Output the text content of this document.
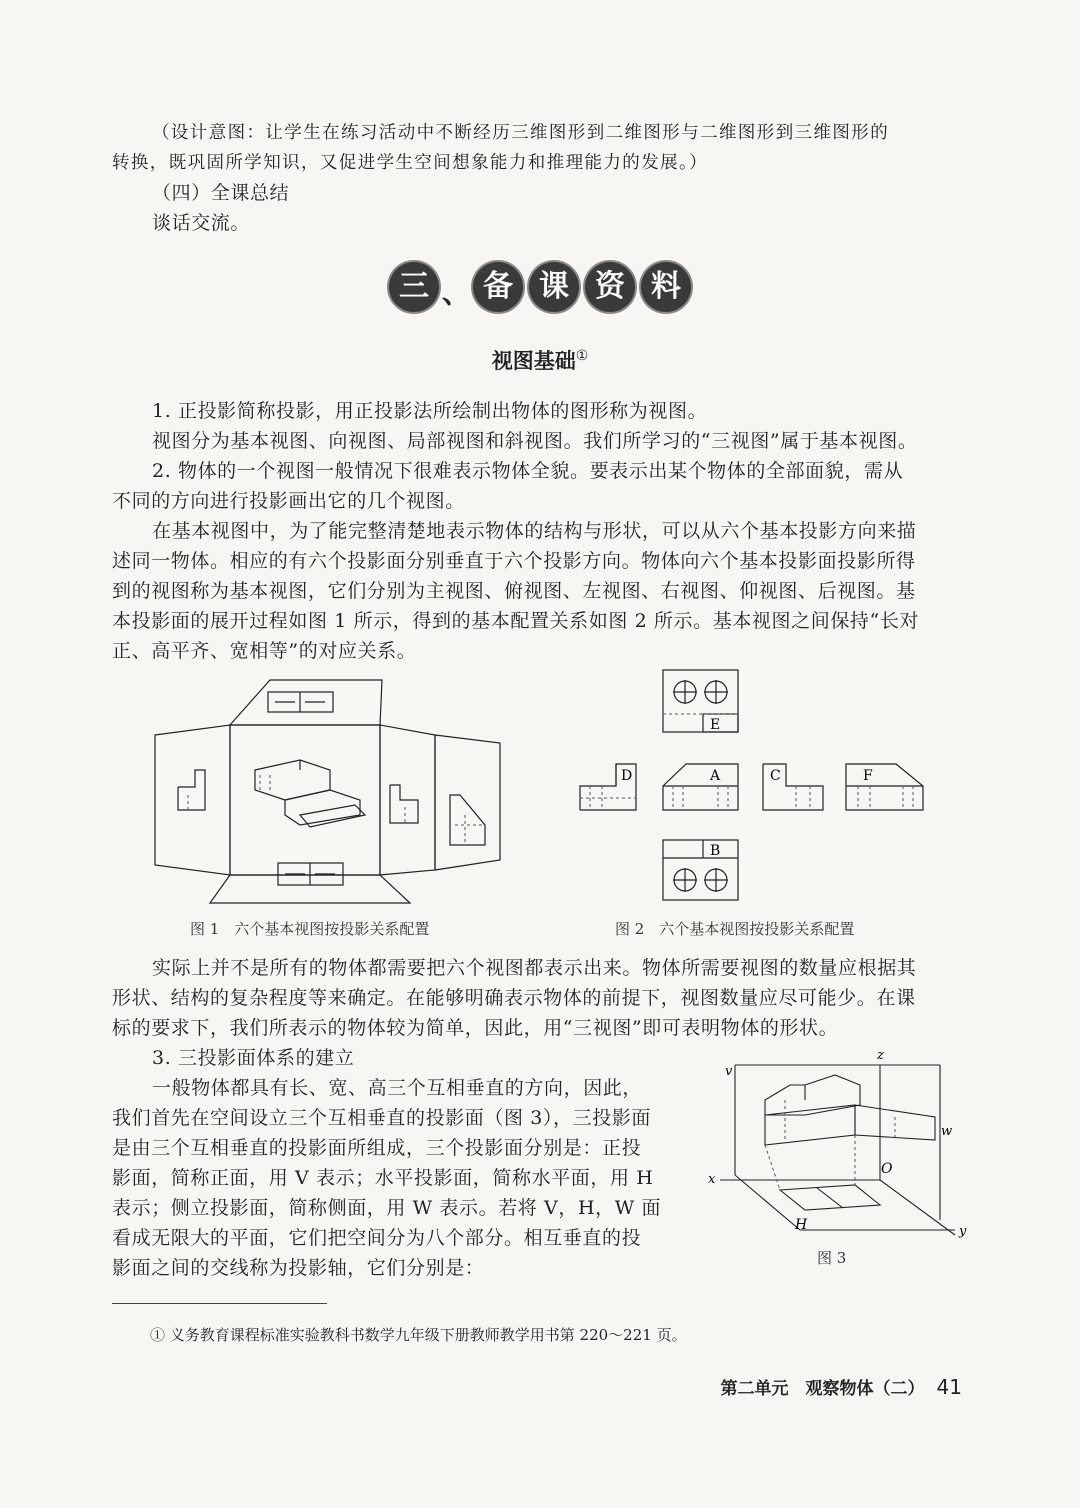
（设计意图：让学生在练习活动中不断经历三维图形到二维图形与二维图形到三维图形的

转换，既巩固所学知识，又促进学生空间想象能力和推理能力的发展。）

（四）全课总结

谈话交流。

三 、 备 课 资 料
视图基础①

1. 正投影简称投影，用正投影法所绘制出物体的图形称为视图。

视图分为基本视图、向视图、局部视图和斜视图。我们所学习的“三视图”属于基本视图。

2. 物体的一个视图一般情况下很难表示物体全貌。要表示出某个物体的全部面貌，需从

不同的方向进行投影画出它的几个视图。

在基本视图中，为了能完整清楚地表示物体的结构与形状，可以从六个基本投影方向来描

述同一物体。相应的有六个投影面分别垂直于六个投影方向。物体向六个基本投影面投影所得

到的视图称为基本视图，它们分别为主视图、俯视图、左视图、右视图、仰视图、后视图。基

本投影面的展开过程如图 1 所示，得到的基本配置关系如图 2 所示。基本视图之间保持“长对

正、高平齐、宽相等”的对应关系。

图 1　六个基本视图按投影关系配置
E
D	A	C	F
B
图 2　六个基本视图按投影关系配置

实际上并不是所有的物体都需要把六个视图都表示出来。物体所需要视图的数量应根据其

形状、结构的复杂程度等来确定。在能够明确表示物体的前提下，视图数量应尽可能少。在课

标的要求下，我们所表示的物体较为简单，因此，用“三视图”即可表明物体的形状。

3. 三投影面体系的建立

一般物体都具有长、宽、高三个互相垂直的方向，因此，

我们首先在空间设立三个互相垂直的投影面（图 3），三投影面

是由三个互相垂直的投影面所组成，三个投影面分别是：正投

影面，简称正面，用 V 表示；水平投影面，简称水平面，用 H

表示；侧立投影面，简称侧面，用 W 表示。若将 V，H，W 面

看成无限大的平面，它们把空间分为八个部分。相互垂直的投

影面之间的交线称为投影轴，它们分别是：

z
v
w
x
O
H	y
图 3
① 义务教育课程标准实验教科书数学九年级下册教师教学用书第 220～221 页。
第二单元　观察物体（二） 41
